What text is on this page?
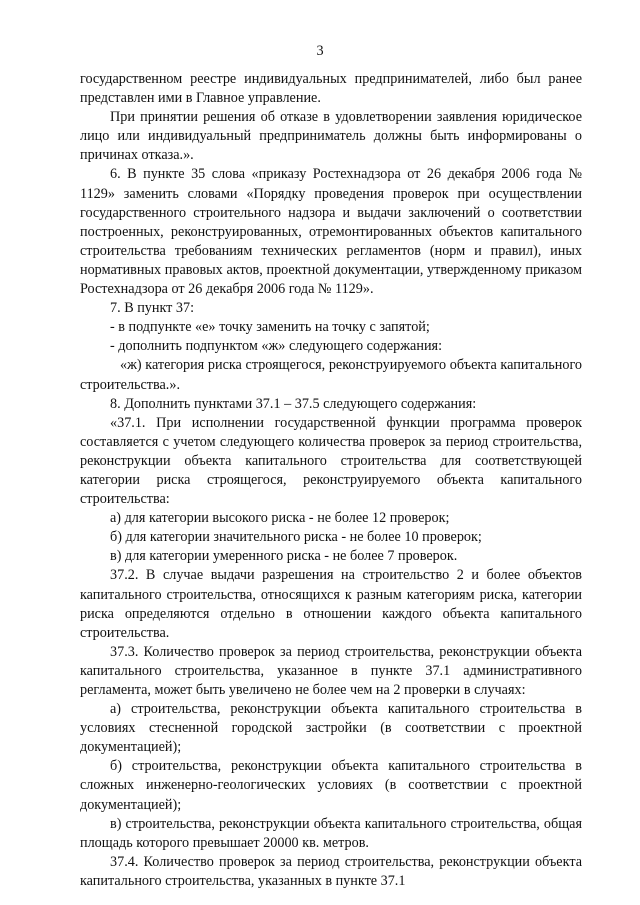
3

государственном реестре индивидуальных предпринимателей, либо был ранее представлен ими в Главное управление.

При принятии решения об отказе в удовлетворении заявления юридическое лицо или индивидуальный предприниматель должны быть информированы о причинах отказа.».

6. В пункте 35 слова «приказу Ростехнадзора от 26 декабря 2006 года № 1129» заменить словами «Порядку проведения проверок при осуществлении государственного строительного надзора и выдачи заключений о соответствии построенных, реконструированных, отремонтированных объектов капитального строительства требованиям технических регламентов (норм и правил), иных нормативных правовых актов, проектной документации, утвержденному приказом Ростехнадзора от 26 декабря 2006 года № 1129».

7. В пункт 37:

- в подпункте «е» точку заменить на точку с запятой;

- дополнить подпунктом «ж» следующего содержания:

«ж) категория риска строящегося, реконструируемого объекта капитального строительства.».

8. Дополнить пунктами 37.1 – 37.5 следующего содержания:

«37.1. При исполнении государственной функции программа проверок составляется с учетом следующего количества проверок за период строительства, реконструкции объекта капитального строительства для соответствующей категории риска строящегося, реконструируемого объекта капитального строительства:

а) для категории высокого риска - не более 12 проверок;

б) для категории значительного риска - не более 10 проверок;

в) для категории умеренного риска - не более 7 проверок.

37.2. В случае выдачи разрешения на строительство 2 и более объектов капитального строительства, относящихся к разным категориям риска, категории риска определяются отдельно в отношении каждого объекта капитального строительства.

37.3. Количество проверок за период строительства, реконструкции объекта капитального строительства, указанное в пункте 37.1 административного регламента, может быть увеличено не более чем на 2 проверки в случаях:

а) строительства, реконструкции объекта капитального строительства в условиях стесненной городской застройки (в соответствии с проектной документацией);

б) строительства, реконструкции объекта капитального строительства в сложных инженерно-геологических условиях (в соответствии с проектной документацией);

в) строительства, реконструкции объекта капитального строительства, общая площадь которого превышает 20000 кв. метров.

37.4. Количество проверок за период строительства, реконструкции объекта капитального строительства, указанных в пункте 37.1
